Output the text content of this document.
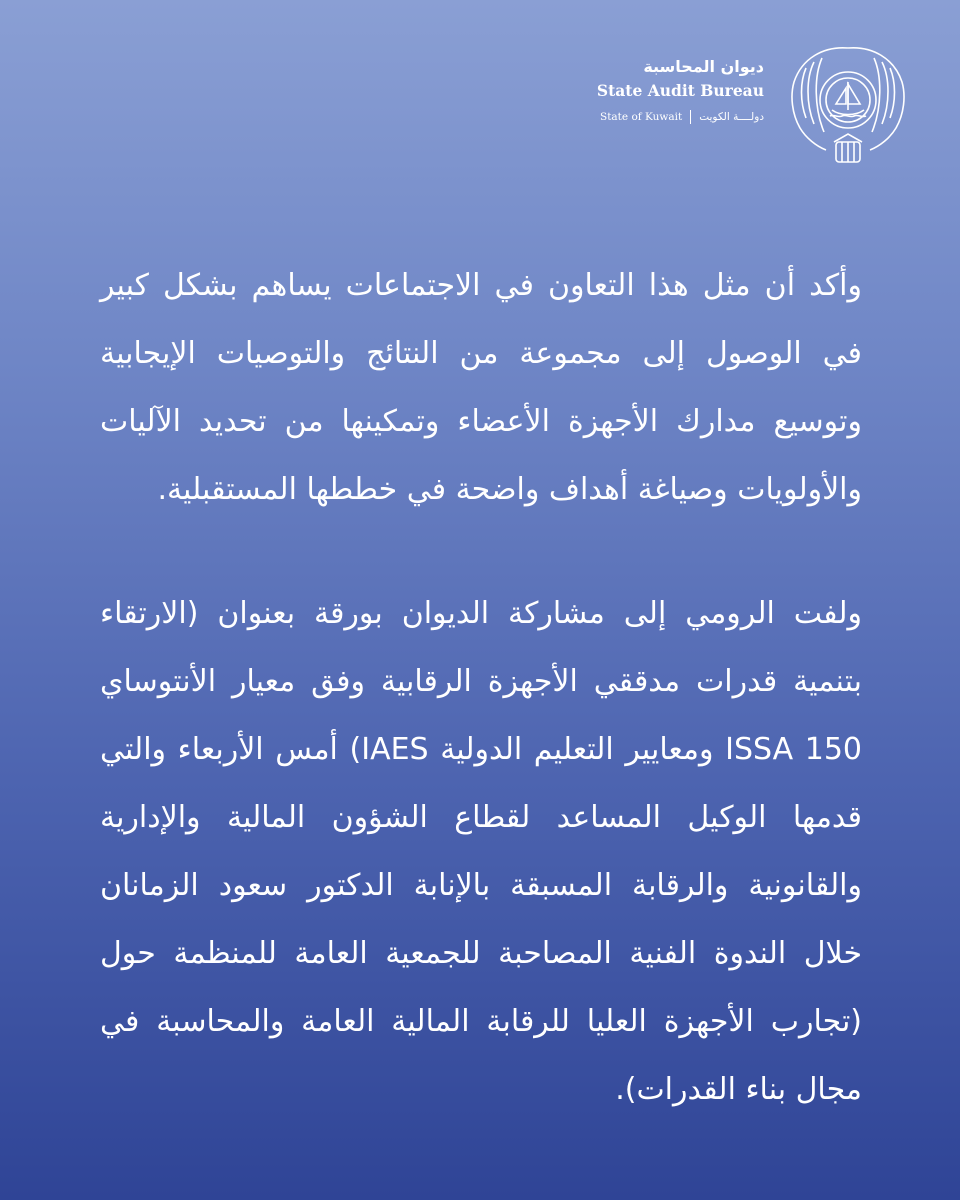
ديوان المحاسبة
State Audit Bureau
State of Kuwait دولــــة الكويت

وأكد أن مثل هذا التعاون في الاجتماعات يساهم بشكل كبير في الوصول إلى مجموعة من النتائج والتوصيات الإيجابية وتوسيع مدارك الأجهزة الأعضاء وتمكينها من تحديد الآليات والأولويات وصياغة أهداف واضحة في خططها المستقبلية.

ولفت الرومي إلى مشاركة الديوان بورقة بعنوان (الارتقاء بتنمية قدرات مدققي الأجهزة الرقابية وفق معيار الأنتوساي ISSA 150 ومعايير التعليم الدولية IAES) أمس الأربعاء والتي قدمها الوكيل المساعد لقطاع الشؤون المالية والإدارية والقانونية والرقابة المسبقة بالإنابة الدكتور سعود الزمانان خلال الندوة الفنية المصاحبة للجمعية العامة للمنظمة حول (تجارب الأجهزة العليا للرقابة المالية العامة والمحاسبة في مجال بناء القدرات).
